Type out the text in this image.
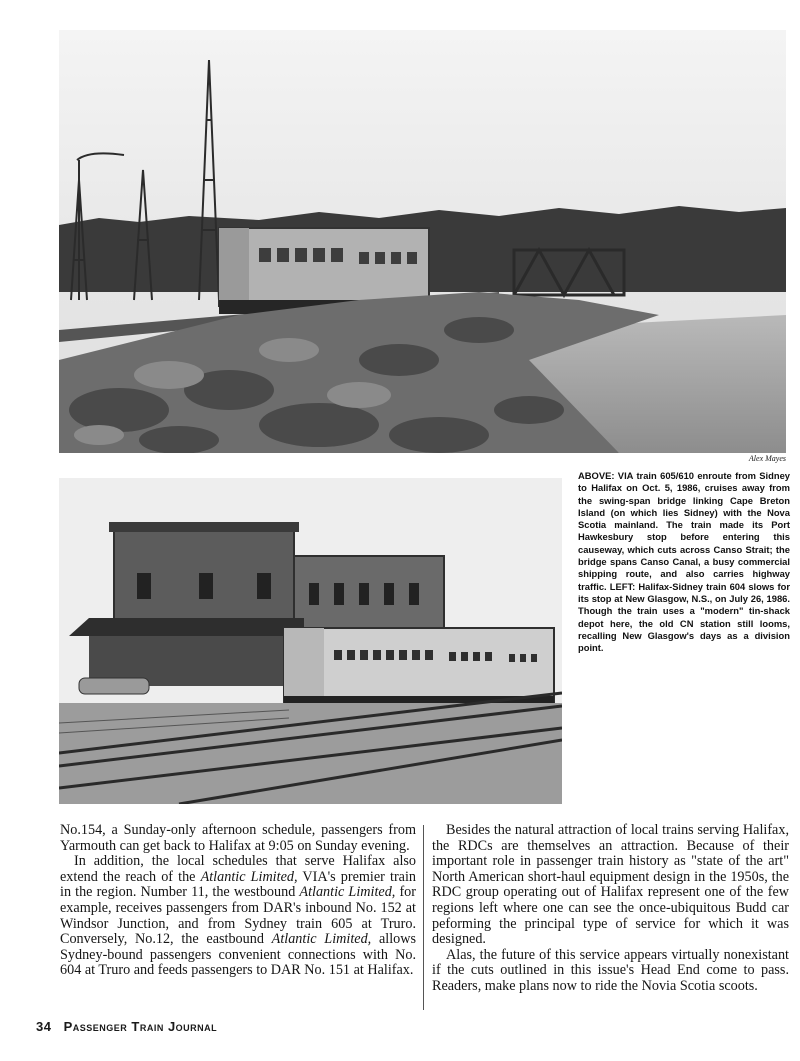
Alex Mayes
ABOVE: VIA train 605/610 enroute from Sidney to Halifax on Oct. 5, 1986, cruises away from the swing-span bridge linking Cape Breton Island (on which lies Sidney) with the Nova Scotia mainland. The train made its Port Hawkesbury stop before entering this causeway, which cuts across Canso Strait; the bridge spans Canso Canal, a busy commercial shipping route, and also carries highway traffic. LEFT: Halifax-Sidney train 604 slows for its stop at New Glasgow, N.S., on July 26, 1986. Though the train uses a "modern" tin-shack depot here, the old CN station still looms, recalling New Glasgow's days as a division point.

No.154, a Sunday-only afternoon schedule, passengers from Yarmouth can get back to Halifax at 9:05 on Sunday evening.

In addition, the local schedules that serve Halifax also extend the reach of the Atlantic Limited, VIA's premier train in the region. Number 11, the westbound Atlantic Limited, for example, receives passengers from DAR's inbound No. 152 at Windsor Junction, and from Sydney train 605 at Truro. Conversely, No.12, the eastbound Atlantic Limited, allows Sydney-bound passengers convenient connections with No. 604 at Truro and feeds passengers to DAR No. 151 at Halifax.

Besides the natural attraction of local trains serving Halifax, the RDCs are themselves an attraction. Because of their important role in passenger train history as "state of the art" North American short-haul equipment design in the 1950s, the RDC group operating out of Halifax represent one of the few regions left where one can see the once-ubiquitous Budd car peforming the principal type of service for which it was designed.

Alas, the future of this service appears virtually nonexistant if the cuts outlined in this issue's Head End come to pass. Readers, make plans now to ride the Novia Scotia scoots.

34 Passenger Train Journal
